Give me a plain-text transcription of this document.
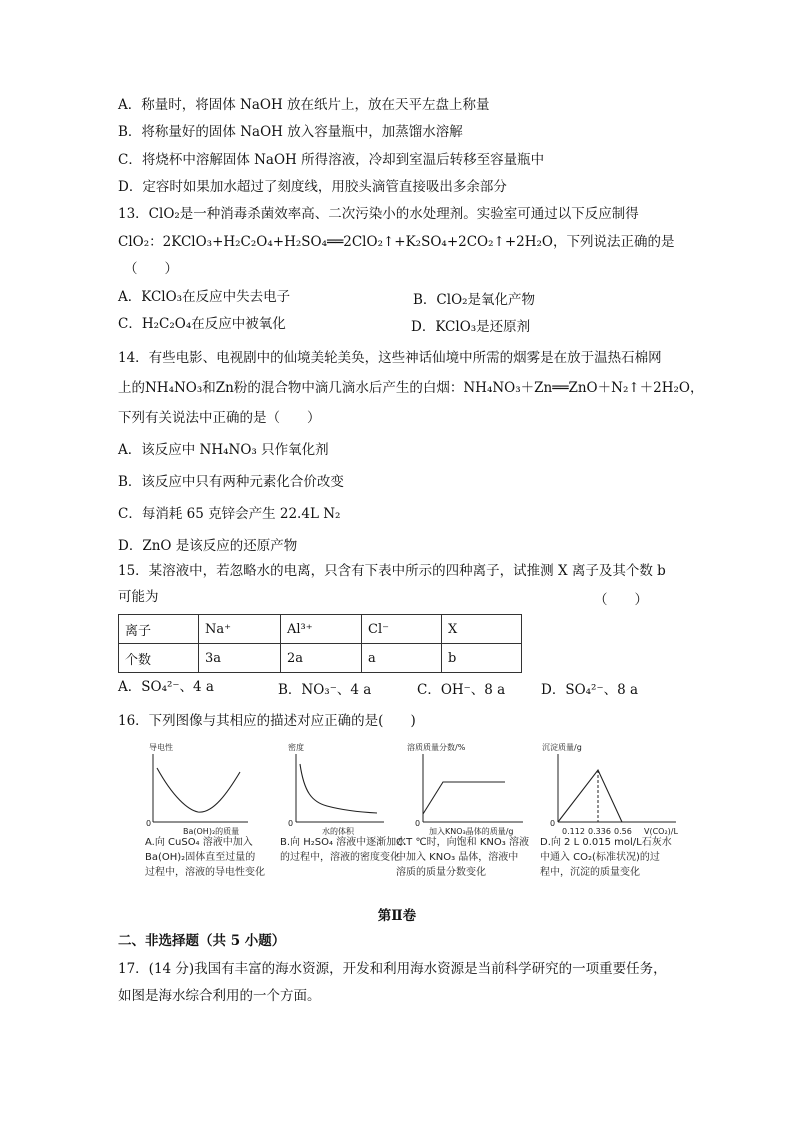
A．称量时，将固体 NaOH 放在纸片上，放在天平左盘上称量
B．将称量好的固体 NaOH 放入容量瓶中，加蒸馏水溶解
C．将烧杯中溶解固体 NaOH 所得溶液，冷却到室温后转移至容量瓶中
D．定容时如果加水超过了刻度线，用胶头滴管直接吸出多余部分
13．ClO₂是一种消毒杀菌效率高、二次污染小的水处理剂。实验室可通过以下反应制得
ClO₂：2KClO₃+H₂C₂O₄+H₂SO₄══2ClO₂↑+K₂SO₄+2CO₂↑+2H₂O，下列说法正确的是
（　　）
A．KClO₃在反应中失去电子	B．ClO₂是氧化产物
C．H₂C₂O₄在反应中被氧化	D．KClO₃是还原剂
14．有些电影、电视剧中的仙境美轮美奂，这些神话仙境中所需的烟雾是在放于温热石棉网
上的NH₄NO₃和Zn粉的混合物中滴几滴水后产生的白烟：NH₄NO₃＋Zn══ZnO＋N₂↑＋2H₂O，
下列有关说法中正确的是（　　）
A．该反应中 NH₄NO₃ 只作氧化剂
B．该反应中只有两种元素化合价改变
C．每消耗 65 克锌会产生 22.4L N₂
D．ZnO 是该反应的还原产物
15．某溶液中，若忽略水的电离，只含有下表中所示的四种离子，试推测 X 离子及其个数 b
可能为	（　　）
离子	Na⁺	Al³⁺	Cl⁻	X
个数	3a	2a	a	b
A．SO₄²⁻、4 a	B．NO₃⁻、4 a	C．OH⁻、8 a	D．SO₄²⁻、8 a
16．下列图像与其相应的描述对应正确的是(　　)
导电性
0
Ba(OH)₂的质量
A.向 CuSO₄ 溶液中加入
Ba(OH)₂固体直至过量的
过程中，溶液的导电性变化
密度
0
水的体积
B.向 H₂SO₄ 溶液中逐渐加水
的过程中，溶液的密度变化
溶质质量分数/%
0
加入KNO₃晶体的质量/g
C.T ℃时，向饱和 KNO₃ 溶液
中加入 KNO₃ 晶体，溶液中
溶质的质量分数变化
沉淀质量/g
0
0.112 0.336 0.56 V(CO₂)/L
D.向 2 L 0.015 mol/L石灰水
中通入 CO₂(标准状况)的过
程中，沉淀的质量变化
第Ⅱ卷
二、非选择题（共 5 小题）
17．(14 分)我国有丰富的海水资源，开发和利用海水资源是当前科学研究的一项重要任务，
如图是海水综合利用的一个方面。
